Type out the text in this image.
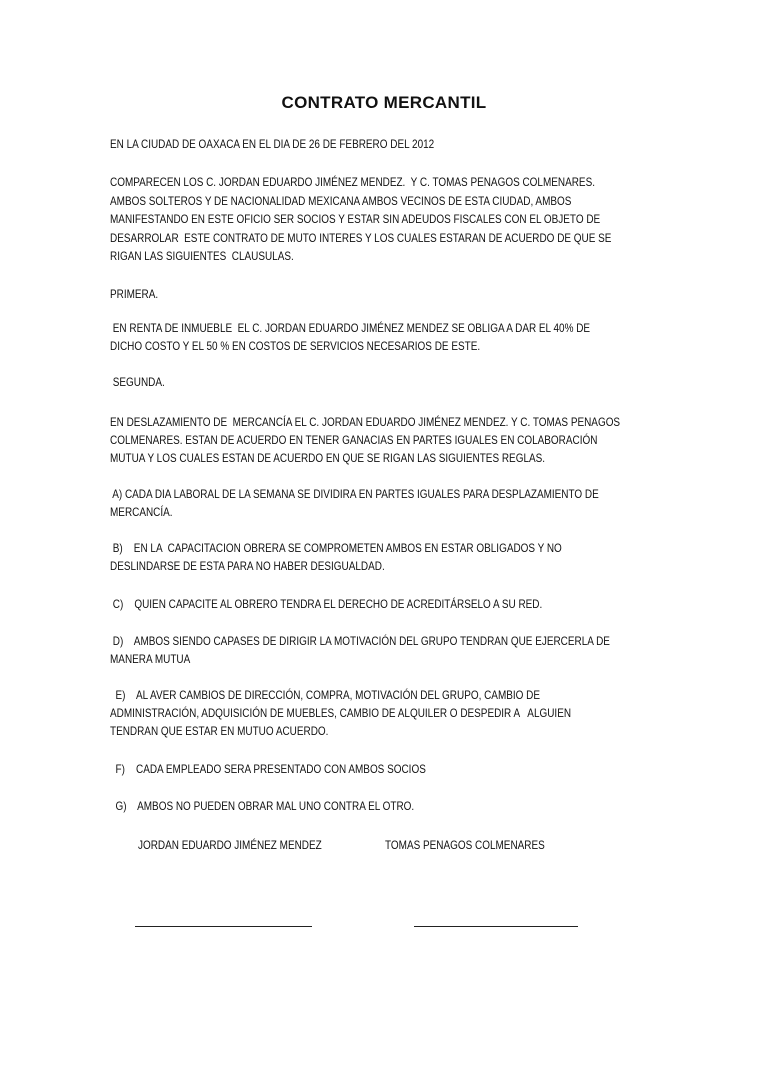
CONTRATO MERCANTIL
EN LA CIUDAD DE OAXACA EN EL DIA DE 26 DE FEBRERO DEL 2012
COMPARECEN LOS C. JORDAN EDUARDO JIMÉNEZ MENDEZ.  Y C. TOMAS PENAGOS COLMENARES.
AMBOS SOLTEROS Y DE NACIONALIDAD MEXICANA AMBOS VECINOS DE ESTA CIUDAD, AMBOS
MANIFESTANDO EN ESTE OFICIO SER SOCIOS Y ESTAR SIN ADEUDOS FISCALES CON EL OBJETO DE
DESARROLAR  ESTE CONTRATO DE MUTO INTERES Y LOS CUALES ESTARAN DE ACUERDO DE QUE SE
RIGAN LAS SIGUIENTES  CLAUSULAS.
PRIMERA.
EN RENTA DE INMUEBLE  EL C. JORDAN EDUARDO JIMÉNEZ MENDEZ SE OBLIGA A DAR EL 40% DE
DICHO COSTO Y EL 50 % EN COSTOS DE SERVICIOS NECESARIOS DE ESTE.
SEGUNDA.
EN DESLAZAMIENTO DE  MERCANCÍA EL C. JORDAN EDUARDO JIMÉNEZ MENDEZ. Y C. TOMAS PENAGOS
COLMENARES. ESTAN DE ACUERDO EN TENER GANACIAS EN PARTES IGUALES EN COLABORACIÓN
MUTUA Y LOS CUALES ESTAN DE ACUERDO EN QUE SE RIGAN LAS SIGUIENTES REGLAS.
A) CADA DIA LABORAL DE LA SEMANA SE DIVIDIRA EN PARTES IGUALES PARA DESPLAZAMIENTO DE
MERCANCÍA.
B)    EN LA  CAPACITACION OBRERA SE COMPROMETEN AMBOS EN ESTAR OBLIGADOS Y NO
DESLINDARSE DE ESTA PARA NO HABER DESIGUALDAD.
C)    QUIEN CAPACITE AL OBRERO TENDRA EL DERECHO DE ACREDITÁRSELO A SU RED.
D)    AMBOS SIENDO CAPASES DE DIRIGIR LA MOTIVACIÓN DEL GRUPO TENDRAN QUE EJERCERLA DE
MANERA MUTUA
E)    AL AVER CAMBIOS DE DIRECCIÓN, COMPRA, MOTIVACIÓN DEL GRUPO, CAMBIO DE
ADMINISTRACIÓN, ADQUISICIÓN DE MUEBLES, CAMBIO DE ALQUILER O DESPEDIR A   ALGUIEN
TENDRAN QUE ESTAR EN MUTUO ACUERDO.
F)    CADA EMPLEADO SERA PRESENTADO CON AMBOS SOCIOS
G)    AMBOS NO PUEDEN OBRAR MAL UNO CONTRA EL OTRO.
JORDAN EDUARDO JIMÉNEZ MENDEZ	TOMAS PENAGOS COLMENARES
